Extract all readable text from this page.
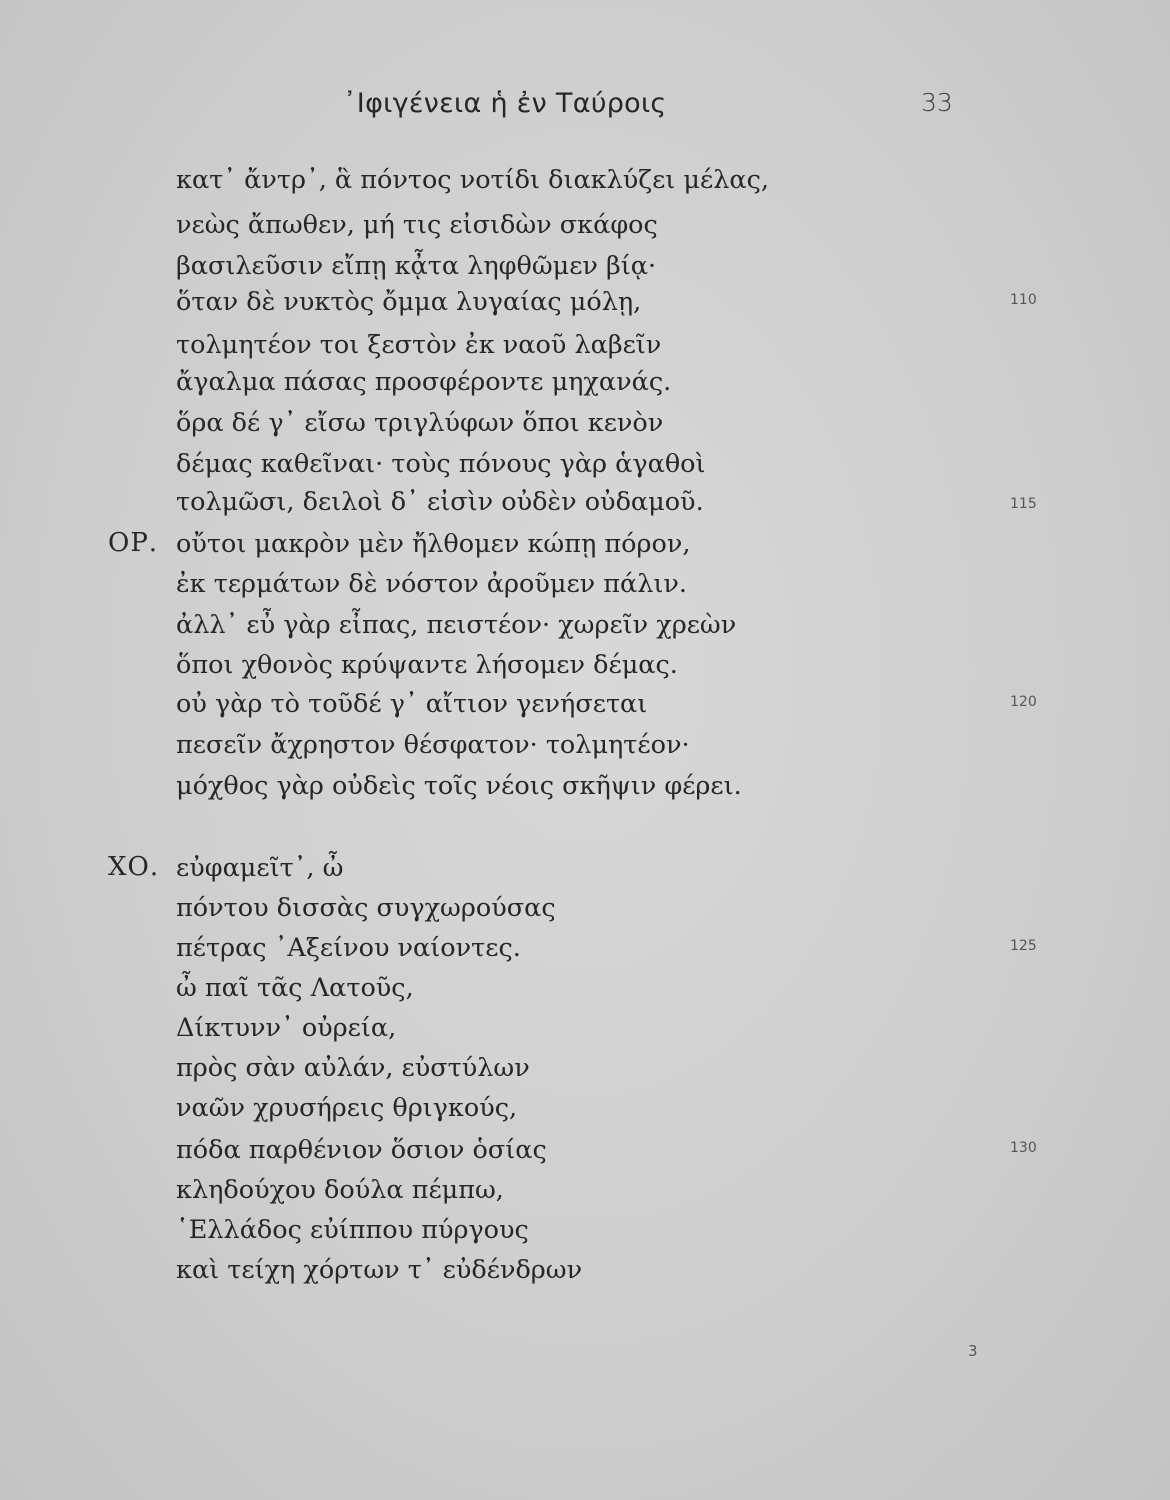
᾿Ιφιγένεια ἡ ἐν Ταύροις	33
κατ᾿ ἄντρ᾿, ἃ πόντος νοτίδι διακλύζει μέλας,
νεὼς ἄπωθεν, μή τις εἰσιδὼν σκάφος
βασιλεῦσιν εἴπῃ κᾆτα ληφθῶμεν βίᾳ·
ὅταν δὲ νυκτὸς ὄμμα λυγαίας μόλῃ,
τολμητέον τοι ξεστὸν ἐκ ναοῦ λαβεῖν
ἄγαλμα πάσας προσφέροντε μηχανάς.
ὅρα δέ γ᾿ εἴσω τριγλύφων ὅποι κενὸν
δέμας καθεῖναι· τοὺς πόνους γὰρ ἁγαθοὶ
τολμῶσι, δειλοὶ δ᾿ εἰσὶν οὐδὲν οὐδαμοῦ.
οὔτοι μακρὸν μὲν ἤλθομεν κώπῃ πόρον,
ἐκ τερμάτων δὲ νόστον ἀροῦμεν πάλιν.
ἀλλ᾿ εὖ γὰρ εἶπας, πειστέον· χωρεῖν χρεὼν
ὅποι χθονὸς κρύψαντε λήσομεν δέμας.
οὐ γὰρ τὸ τοῦδέ γ᾿ αἴτιον γενήσεται
πεσεῖν ἄχρηστον θέσφατον· τολμητέον·
μόχθος γὰρ οὐδεὶς τοῖς νέοις σκῆψιν φέρει.
εὐφαμεῖτ᾿, ὦ
πόντου δισσὰς συγχωρούσας
πέτρας ᾿Αξείνου ναίοντες.
ὦ παῖ τᾶς Λατοῦς,
Δίκτυνν᾿ οὐρεία,
πρὸς σὰν αὐλάν, εὐστύλων
ναῶν χρυσήρεις θριγκούς,
πόδα παρθένιον ὅσιον ὁσίας
κληδούχου δούλα πέμπω,
῾Ελλάδος εὐίππου πύργους
καὶ τείχη χόρτων τ᾿ εὐδένδρων
ΟΡ.
ΧΟ.
110
115
120
125
130
3
